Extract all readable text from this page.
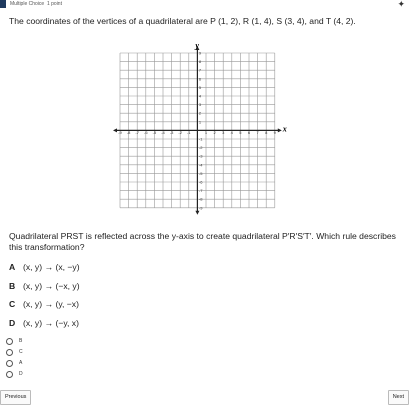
Multiple Choice 1 point	✦
The coordinates of the vertices of a quadrilateral are P (1, 2), R (1, 4), S (3, 4), and T (4, 2).
-9 -8 -7 -6 -5 -4 -3 -2 -1	1 2 3 4 5 6 7 8 9
-9
-8
-7
-6
-5
-4
-3
-2
-1
1
2
3
4
5
6
7
8
9
x
y
Quadrilateral PRST is reflected across the y-axis to create quadrilateral P′R′S′T′. Which rule describes this transformation?
A (x, y) → (x, −y)
B (x, y) → (−x, y)
C (x, y) → (y, −x)
D (x, y) → (−y, x)
B
C
A
D
Previous	Next
